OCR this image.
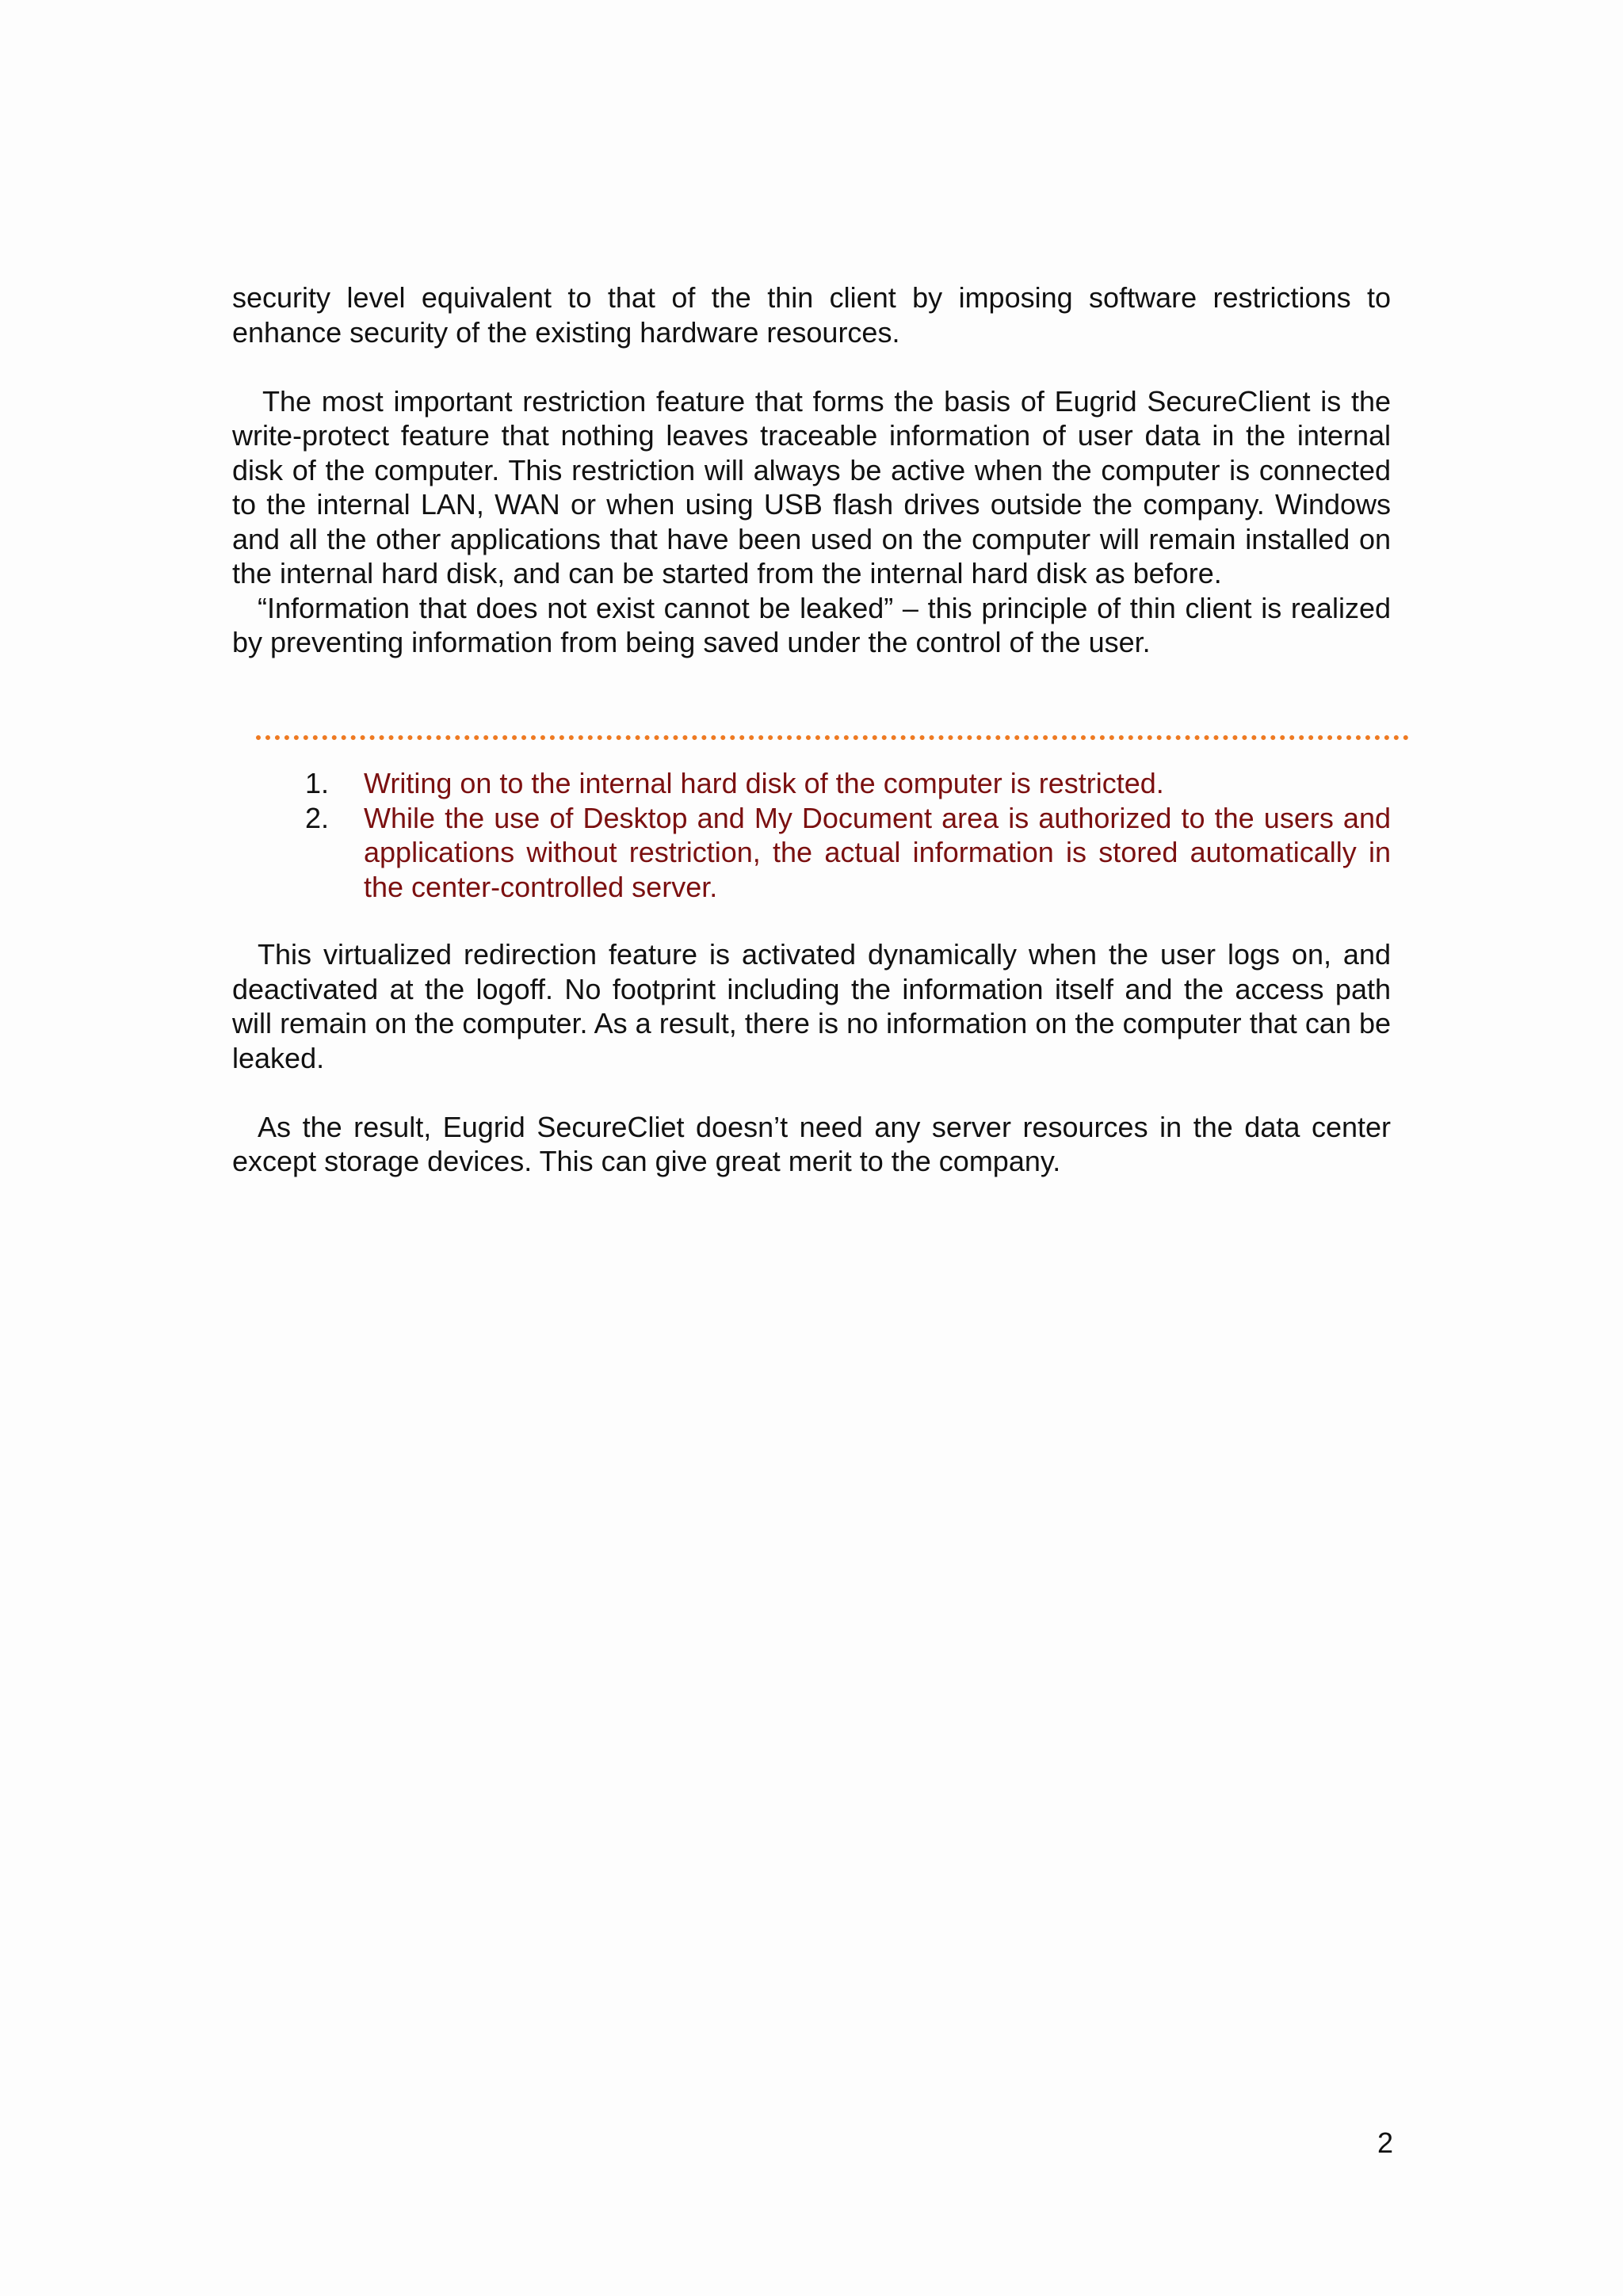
security level equivalent to that of the thin client by imposing software restrictions to enhance security of the existing hardware resources.

The most important restriction feature that forms the basis of Eugrid SecureClient is the write-protect feature that nothing leaves traceable information of user data in the internal disk of the computer. This restriction will always be active when the computer is connected to the internal LAN, WAN or when using USB flash drives outside the company. Windows and all the other applications that have been used on the computer will remain installed on the internal hard disk, and can be started from the internal hard disk as before.

“Information that does not exist cannot be leaked” – this principle of thin client is realized by preventing information from being saved under the control of the user.

1. Writing on to the internal hard disk of the computer is restricted.
2. While the use of Desktop and My Document area is authorized to the users and applications without restriction, the actual information is stored automatically in the center-controlled server.

This virtualized redirection feature is activated dynamically when the user logs on, and deactivated at the logoff. No footprint including the information itself and the access path will remain on the computer. As a result, there is no information on the computer that can be leaked.

As the result, Eugrid SecureCliet doesn’t need any server resources in the data center except storage devices. This can give great merit to the company.

2
